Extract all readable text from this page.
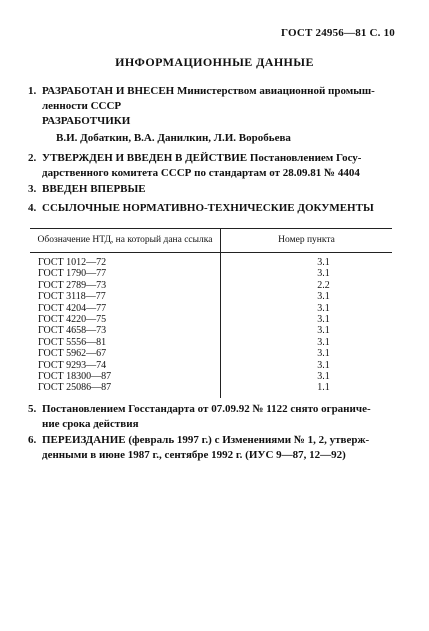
ГОСТ 24956—81 С. 10
ИНФОРМАЦИОННЫЕ ДАННЫЕ
1. РАЗРАБОТАН И ВНЕСЕН Министерством авиационной промыш-
ленности СССР
РАЗРАБОТЧИКИ
В.И. Добаткин, В.А. Данилкин, Л.И. Воробьева
2. УТВЕРЖДЕН И ВВЕДЕН В ДЕЙСТВИЕ Постановлением Госу-
дарственного комитета СССР по стандартам от 28.09.81 № 4404
3. ВВЕДЕН ВПЕРВЫЕ
4. ССЫЛОЧНЫЕ НОРМАТИВНО-ТЕХНИЧЕСКИЕ ДОКУМЕНТЫ
Обозначение НТД, на который дана ссылка	Номер пункта
ГОСТ 1012—72	3.1
ГОСТ 1790—77	3.1
ГОСТ 2789—73	2.2
ГОСТ 3118—77	3.1
ГОСТ 4204—77	3.1
ГОСТ 4220—75	3.1
ГОСТ 4658—73	3.1
ГОСТ 5556—81	3.1
ГОСТ 5962—67	3.1
ГОСТ 9293—74	3.1
ГОСТ 18300—87	3.1
ГОСТ 25086—87	1.1
5. Постановлением Госстандарта от 07.09.92 № 1122 снято ограниче-
ние срока действия
6. ПЕРЕИЗДАНИЕ (февраль 1997 г.) с Изменениями № 1, 2, утверж-
денными в июне 1987 г., сентябре 1992 г. (ИУС 9—87, 12—92)
